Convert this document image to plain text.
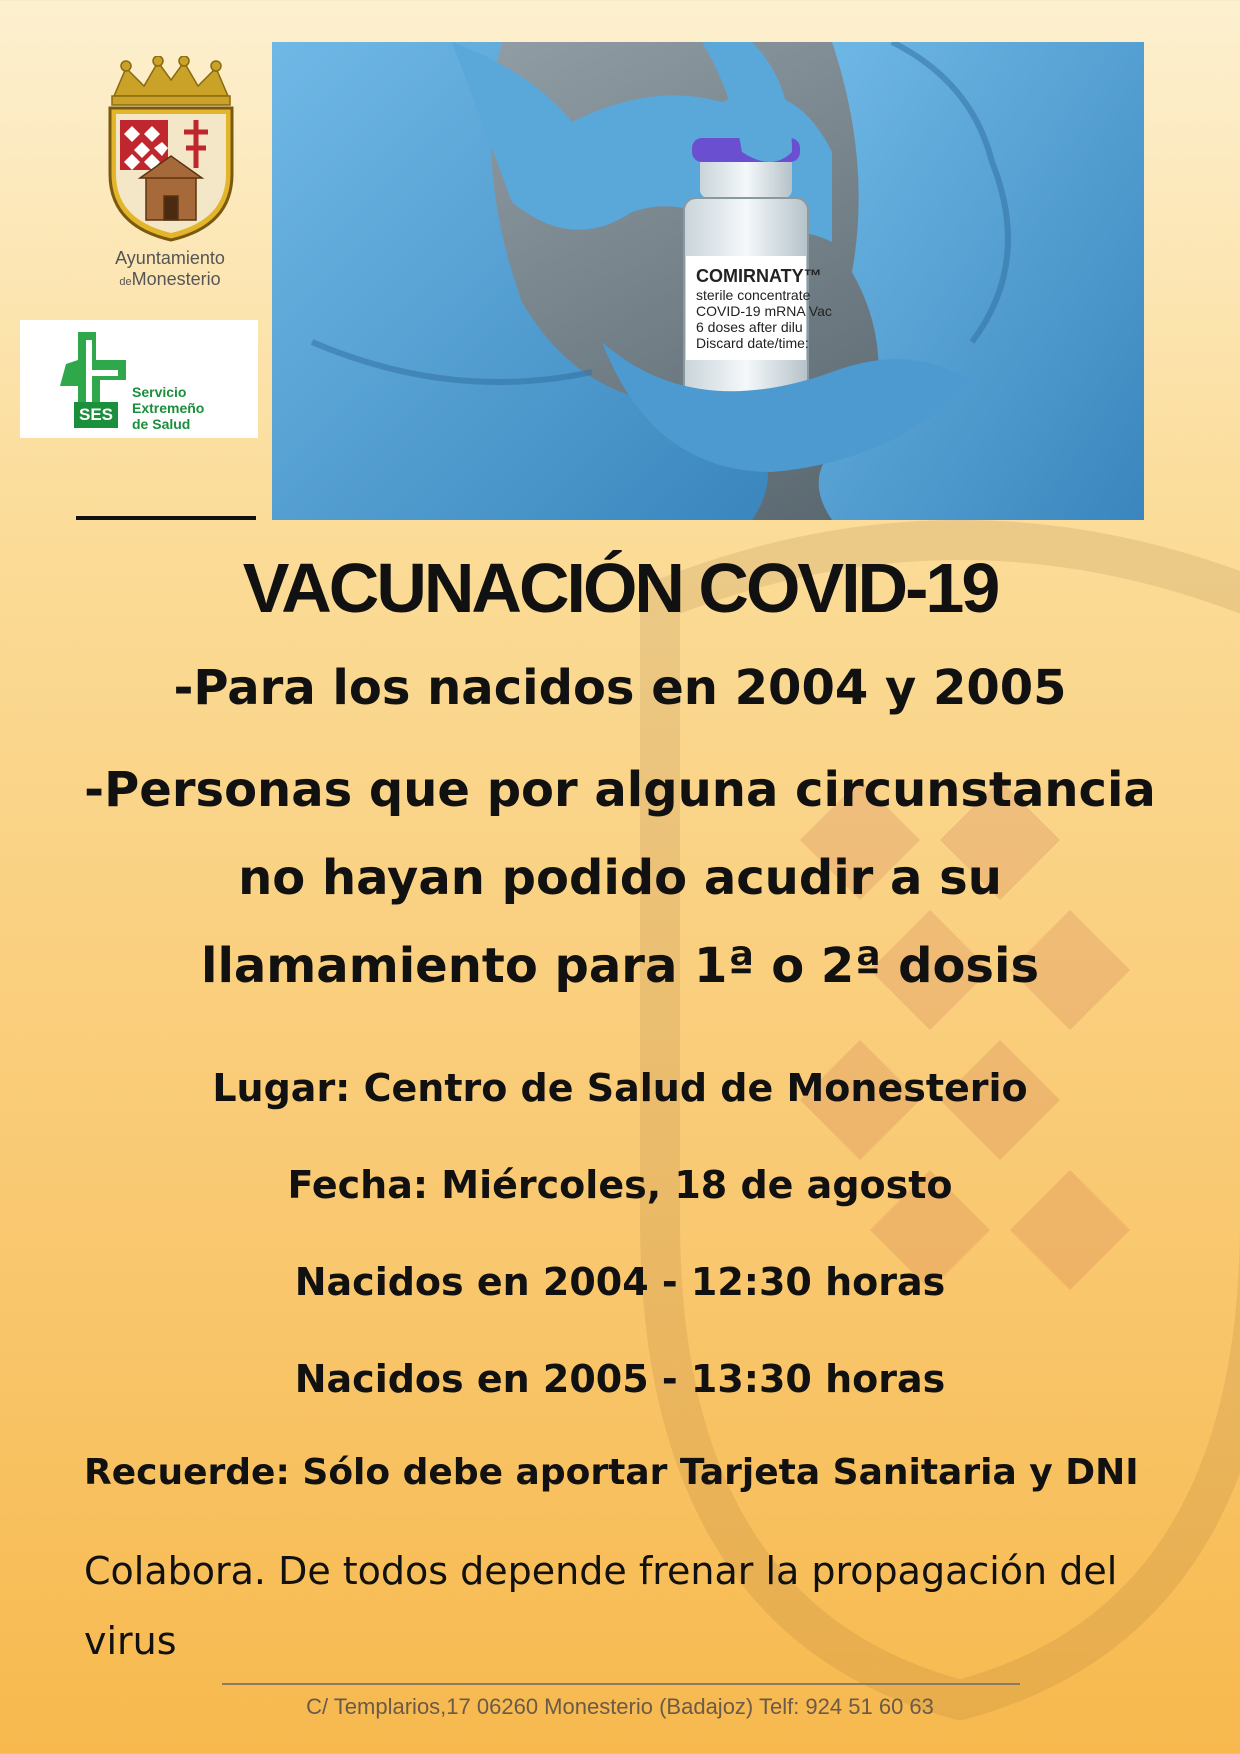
Ayuntamiento
deMonesterio
SES
Servicio
Extremeño
de Salud
COMIRNATY™
sterile concentrate
COVID-19 mRNA Vac
6 doses after dilu
Discard date/time:
VACUNACIÓN COVID-19
-Para los nacidos en 2004 y 2005
-Personas que por alguna circunstancia
no hayan podido acudir a su
llamamiento para 1ª o 2ª dosis
Lugar: Centro de Salud de Monesterio
Fecha: Miércoles, 18 de agosto
Nacidos en 2004 - 12:30 horas
Nacidos en 2005 - 13:30 horas
Recuerde: Sólo debe aportar Tarjeta Sanitaria y DNI
Colabora. De todos depende frenar la propagación del virus
C/ Templarios,17 06260 Monesterio (Badajoz) Telf: 924 51 60 63
